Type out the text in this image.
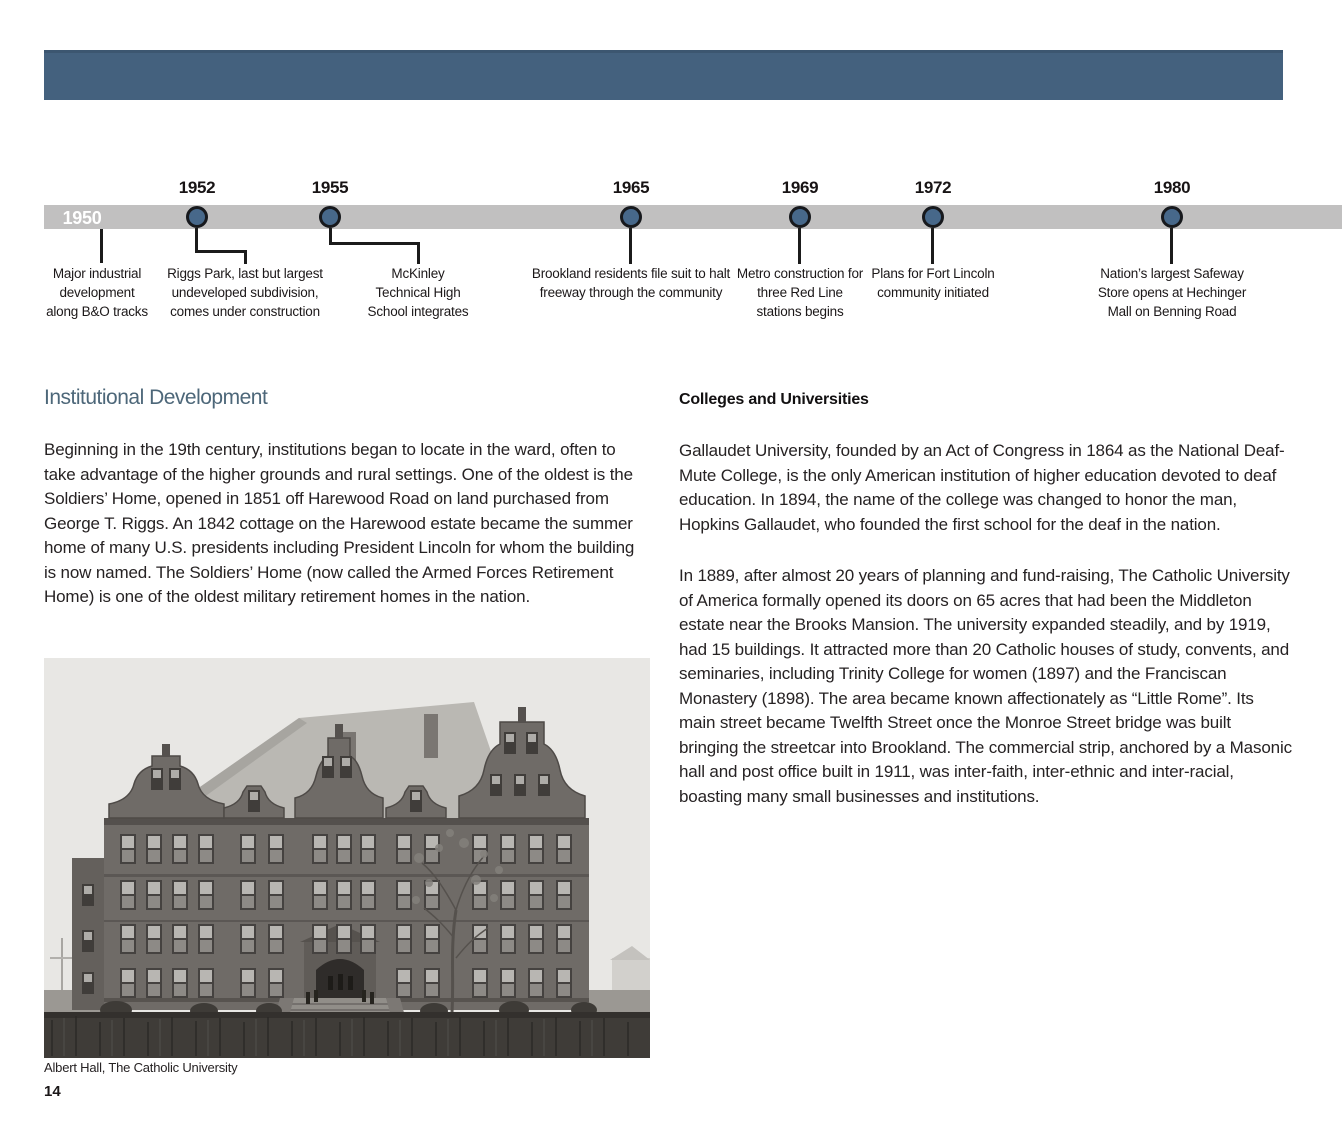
1950
Major industrial development along B&O tracks
1952
Riggs Park, last but largest undeveloped subdivision, comes under construction
1955
McKinley Technical High School integrates
1965
Brookland residents file suit to halt freeway through the community
1969
Metro construction for three Red Line stations begins
1972
Plans for Fort Lincoln community initiated
1980
Nation’s largest Safeway Store opens at Hechinger Mall on Benning Road
Institutional Development
Beginning in the 19th century, institutions began to locate in the ward, often to take advantage of the higher grounds and rural settings. One of the oldest is the Soldiers’ Home, opened in 1851 off Harewood Road on land purchased from George T. Riggs. An 1842 cottage on the Harewood estate became the summer home of many U.S. presidents including President Lincoln for whom the building is now named. The Soldiers’ Home (now called the Armed Forces Retirement Home) is one of the oldest military retirement homes in the nation.
Colleges and Universities

Gallaudet University, founded by an Act of Congress in 1864 as the National Deaf-Mute College, is the only American institution of higher education devoted to deaf education. In 1894, the name of the college was changed to honor the man, Hopkins Gallaudet, who founded the first school for the deaf in the nation.

In 1889, after almost 20 years of planning and fund-raising, The Catholic University of America formally opened its doors on 65 acres that had been the Middleton estate near the Brooks Mansion. The university expanded steadily, and by 1919, had 15 buildings. It attracted more than 20 Catholic houses of study, convents, and seminaries, including Trinity College for women (1897) and the Franciscan Monastery (1898). The area became known affectionately as “Little Rome”. Its main street became Twelfth Street once the Monroe Street bridge was built bringing the streetcar into Brookland. The commercial strip, anchored by a Masonic hall and post office built in 1911, was inter-faith, inter-ethnic and inter-racial, boasting many small businesses and institutions.

Albert Hall, The Catholic University
14
